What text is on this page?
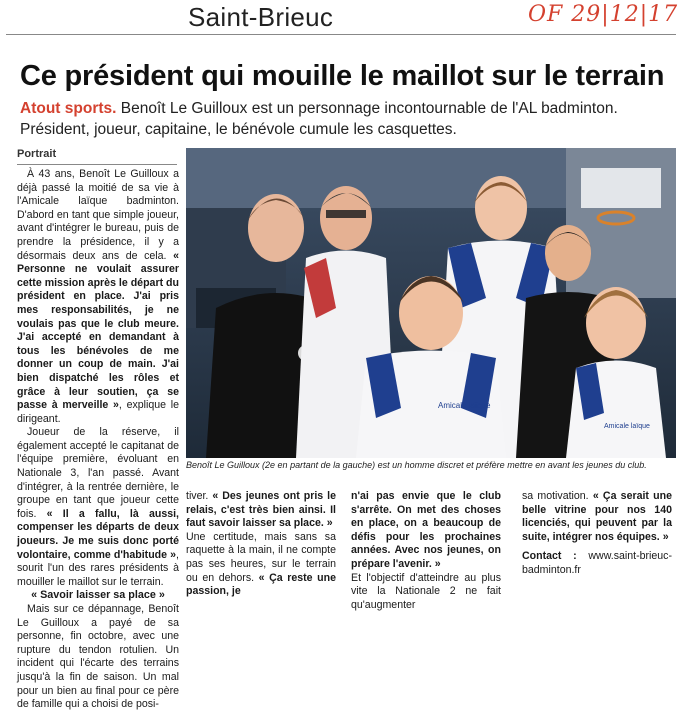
Saint-Brieuc	OF 29|12|17
Ce président qui mouille le maillot sur le terrain
Atout sports. Benoît Le Guilloux est un personnage incontournable de l'AL badminton. Président, joueur, capitaine, le bénévole cumule les casquettes.
Portrait

À 43 ans, Benoît Le Guilloux a déjà passé la moitié de sa vie à l'Amicale laïque badminton. D'abord en tant que simple joueur, avant d'intégrer le bureau, puis de prendre la présidence, il y a désormais deux ans de cela. « Personne ne voulait assurer cette mission après le départ du président en place. J'ai pris mes responsabilités, je ne voulais pas que le club meure. J'ai accepté en demandant à tous les bénévoles de me donner un coup de main. J'ai bien dispatché les rôles et grâce à leur soutien, ça se passe à merveille », explique le dirigeant.

Joueur de la réserve, il également accepté le capitanat de l'équipe première, évoluant en Nationale 3, l'an passé. Avant d'intégrer, à la rentrée dernière, le groupe en tant que joueur cette fois. « Il a fallu, là aussi, compenser les départs de deux joueurs. Je me suis donc porté volontaire, comme d'habitude », sourit l'un des rares présidents à mouiller le maillot sur le terrain.

« Savoir laisser sa place »

Mais sur ce dépannage, Benoît Le Guilloux a payé de sa personne, fin octobre, avec une rupture du tendon rotulien. Un incident qui l'écarte des terrains jusqu'à la fin de saison. Un mal pour un bien au final pour ce père de famille qui a choisi de posi-

Amicale laïque
Amicale laïque
Benoît Le Guilloux (2e en partant de la gauche) est un homme discret et préfère mettre en avant les jeunes du club.

tiver. « Des jeunes ont pris le relais, c'est très bien ainsi. Il faut savoir laisser sa place. »

Une certitude, mais sans sa raquette à la main, il ne compte pas ses heures, sur le terrain ou en dehors. « Ça reste une passion, je

n'ai pas envie que le club s'arrête. On met des choses en place, on a beaucoup de défis pour les prochaines années. Avec nos jeunes, on prépare l'avenir. »

Et l'objectif d'atteindre au plus vite la Nationale 2 ne fait qu'augmenter

sa motivation. « Ça serait une belle vitrine pour nos 140 licenciés, qui peuvent par la suite, intégrer nos équipes. »

Contact : www.saint-brieuc-badminton.fr
